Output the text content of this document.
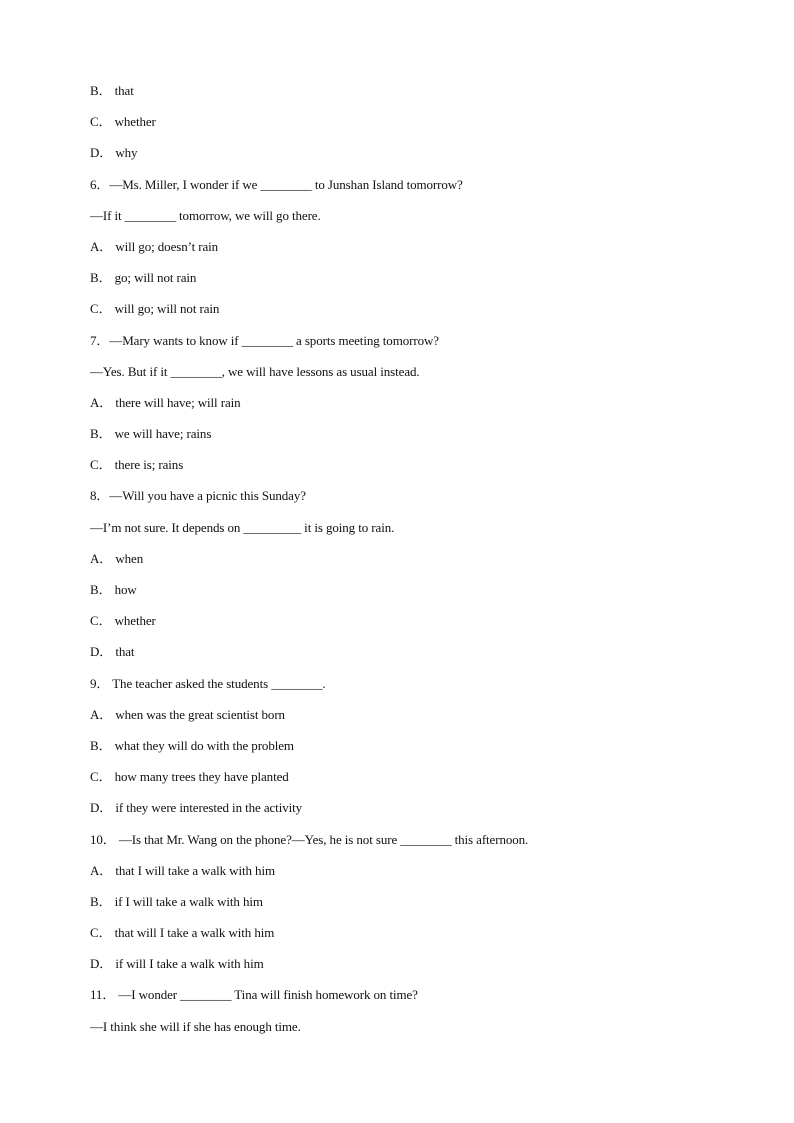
B． that
C． whether
D． why
6．—Ms. Miller, I wonder if we ________ to Junshan Island tomorrow?
—If it ________ tomorrow, we will go there.
A． will go; doesn’t rain
B． go; will not rain
C． will go; will not rain
7．—Mary wants to know if ________ a sports meeting tomorrow?
—Yes. But if it ________, we will have lessons as usual instead.
A． there will have; will rain
B． we will have; rains
C． there is; rains
8．—Will you have a picnic this Sunday?
—I’m not sure. It depends on _________ it is going to rain.
A． when
B． how
C． whether
D． that
9． The teacher asked the students ________.
A． when was the great scientist born
B． what they will do with the problem
C． how many trees they have planted
D． if they were interested in the activity
10． —Is that Mr. Wang on the phone?—Yes, he is not sure ________ this afternoon.
A． that I will take a walk with him
B． if I will take a walk with him
C． that will I take a walk with him
D． if will I take a walk with him
11． —I wonder ________ Tina will finish homework on time?
—I think she will if she has enough time.
